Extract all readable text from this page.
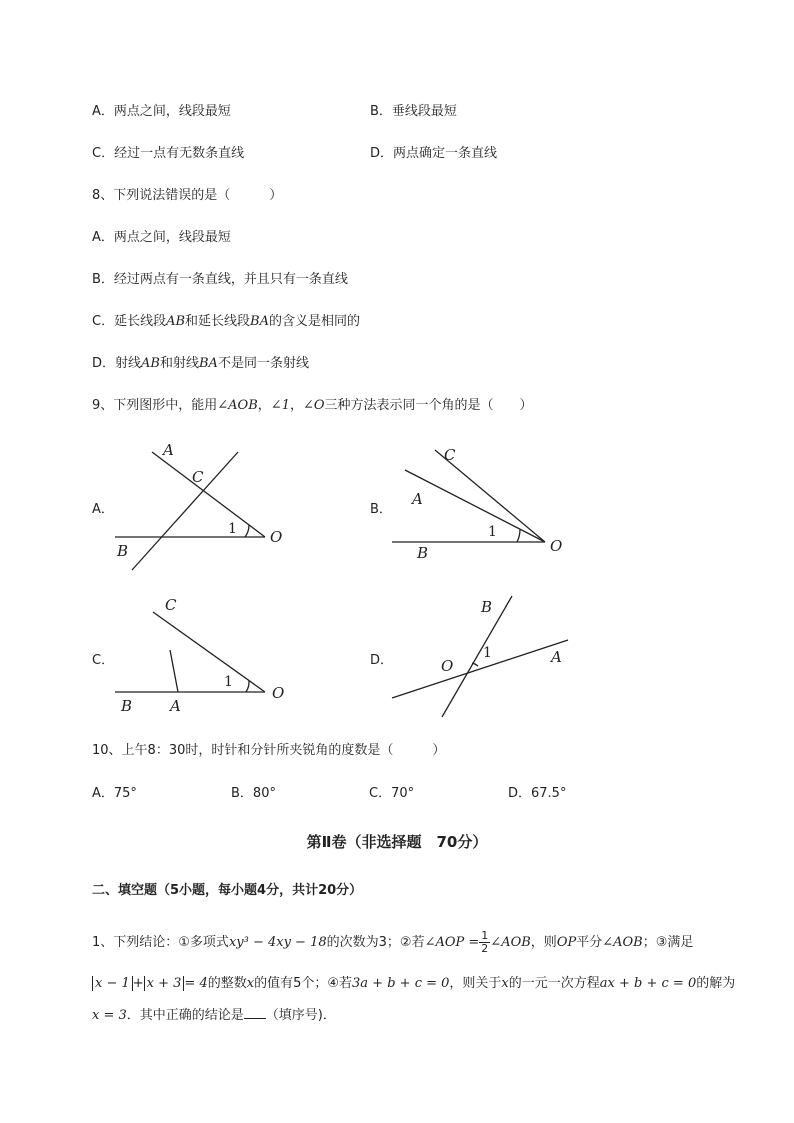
A．两点之间，线段最短	B．垂线段最短
C．经过一点有无数条直线	D．两点确定一条直线
8、下列说法错误的是（　　　）
A．两点之间，线段最短
B．经过两点有一条直线，并且只有一条直线
C．延长线段AB和延长线段BA的含义是相同的
D．射线AB和射线BA不是同一条射线
9、下列图形中，能用∠AOB，∠1，∠O三种方法表示同一个角的是（　　）
A．	B．
C．	D．
A
C
1 O
B
C
A
1
O
B
C
1
O
B	A
B
1
O	A
10、上午8：30时，时针和分针所夹锐角的度数是（　　　）
A．75°	B．80°	C．70°	D．67.5°
第Ⅱ卷（非选择题　70分）
二、填空题（5小题，每小题4分，共计20分）
1、下列结论：①多项式xy³ − 4xy − 18的次数为3；②若∠AOP = $\frac{1}{2}$ ∠AOB，则OP平分∠AOB；③满足
x − 1 + x + 3 = 4的整数x的值有5个；④若3a + b + c = 0，则关于x的一元一次方程ax + b + c = 0的解为
x = 3．其中正确的结论是 （填序号)．
